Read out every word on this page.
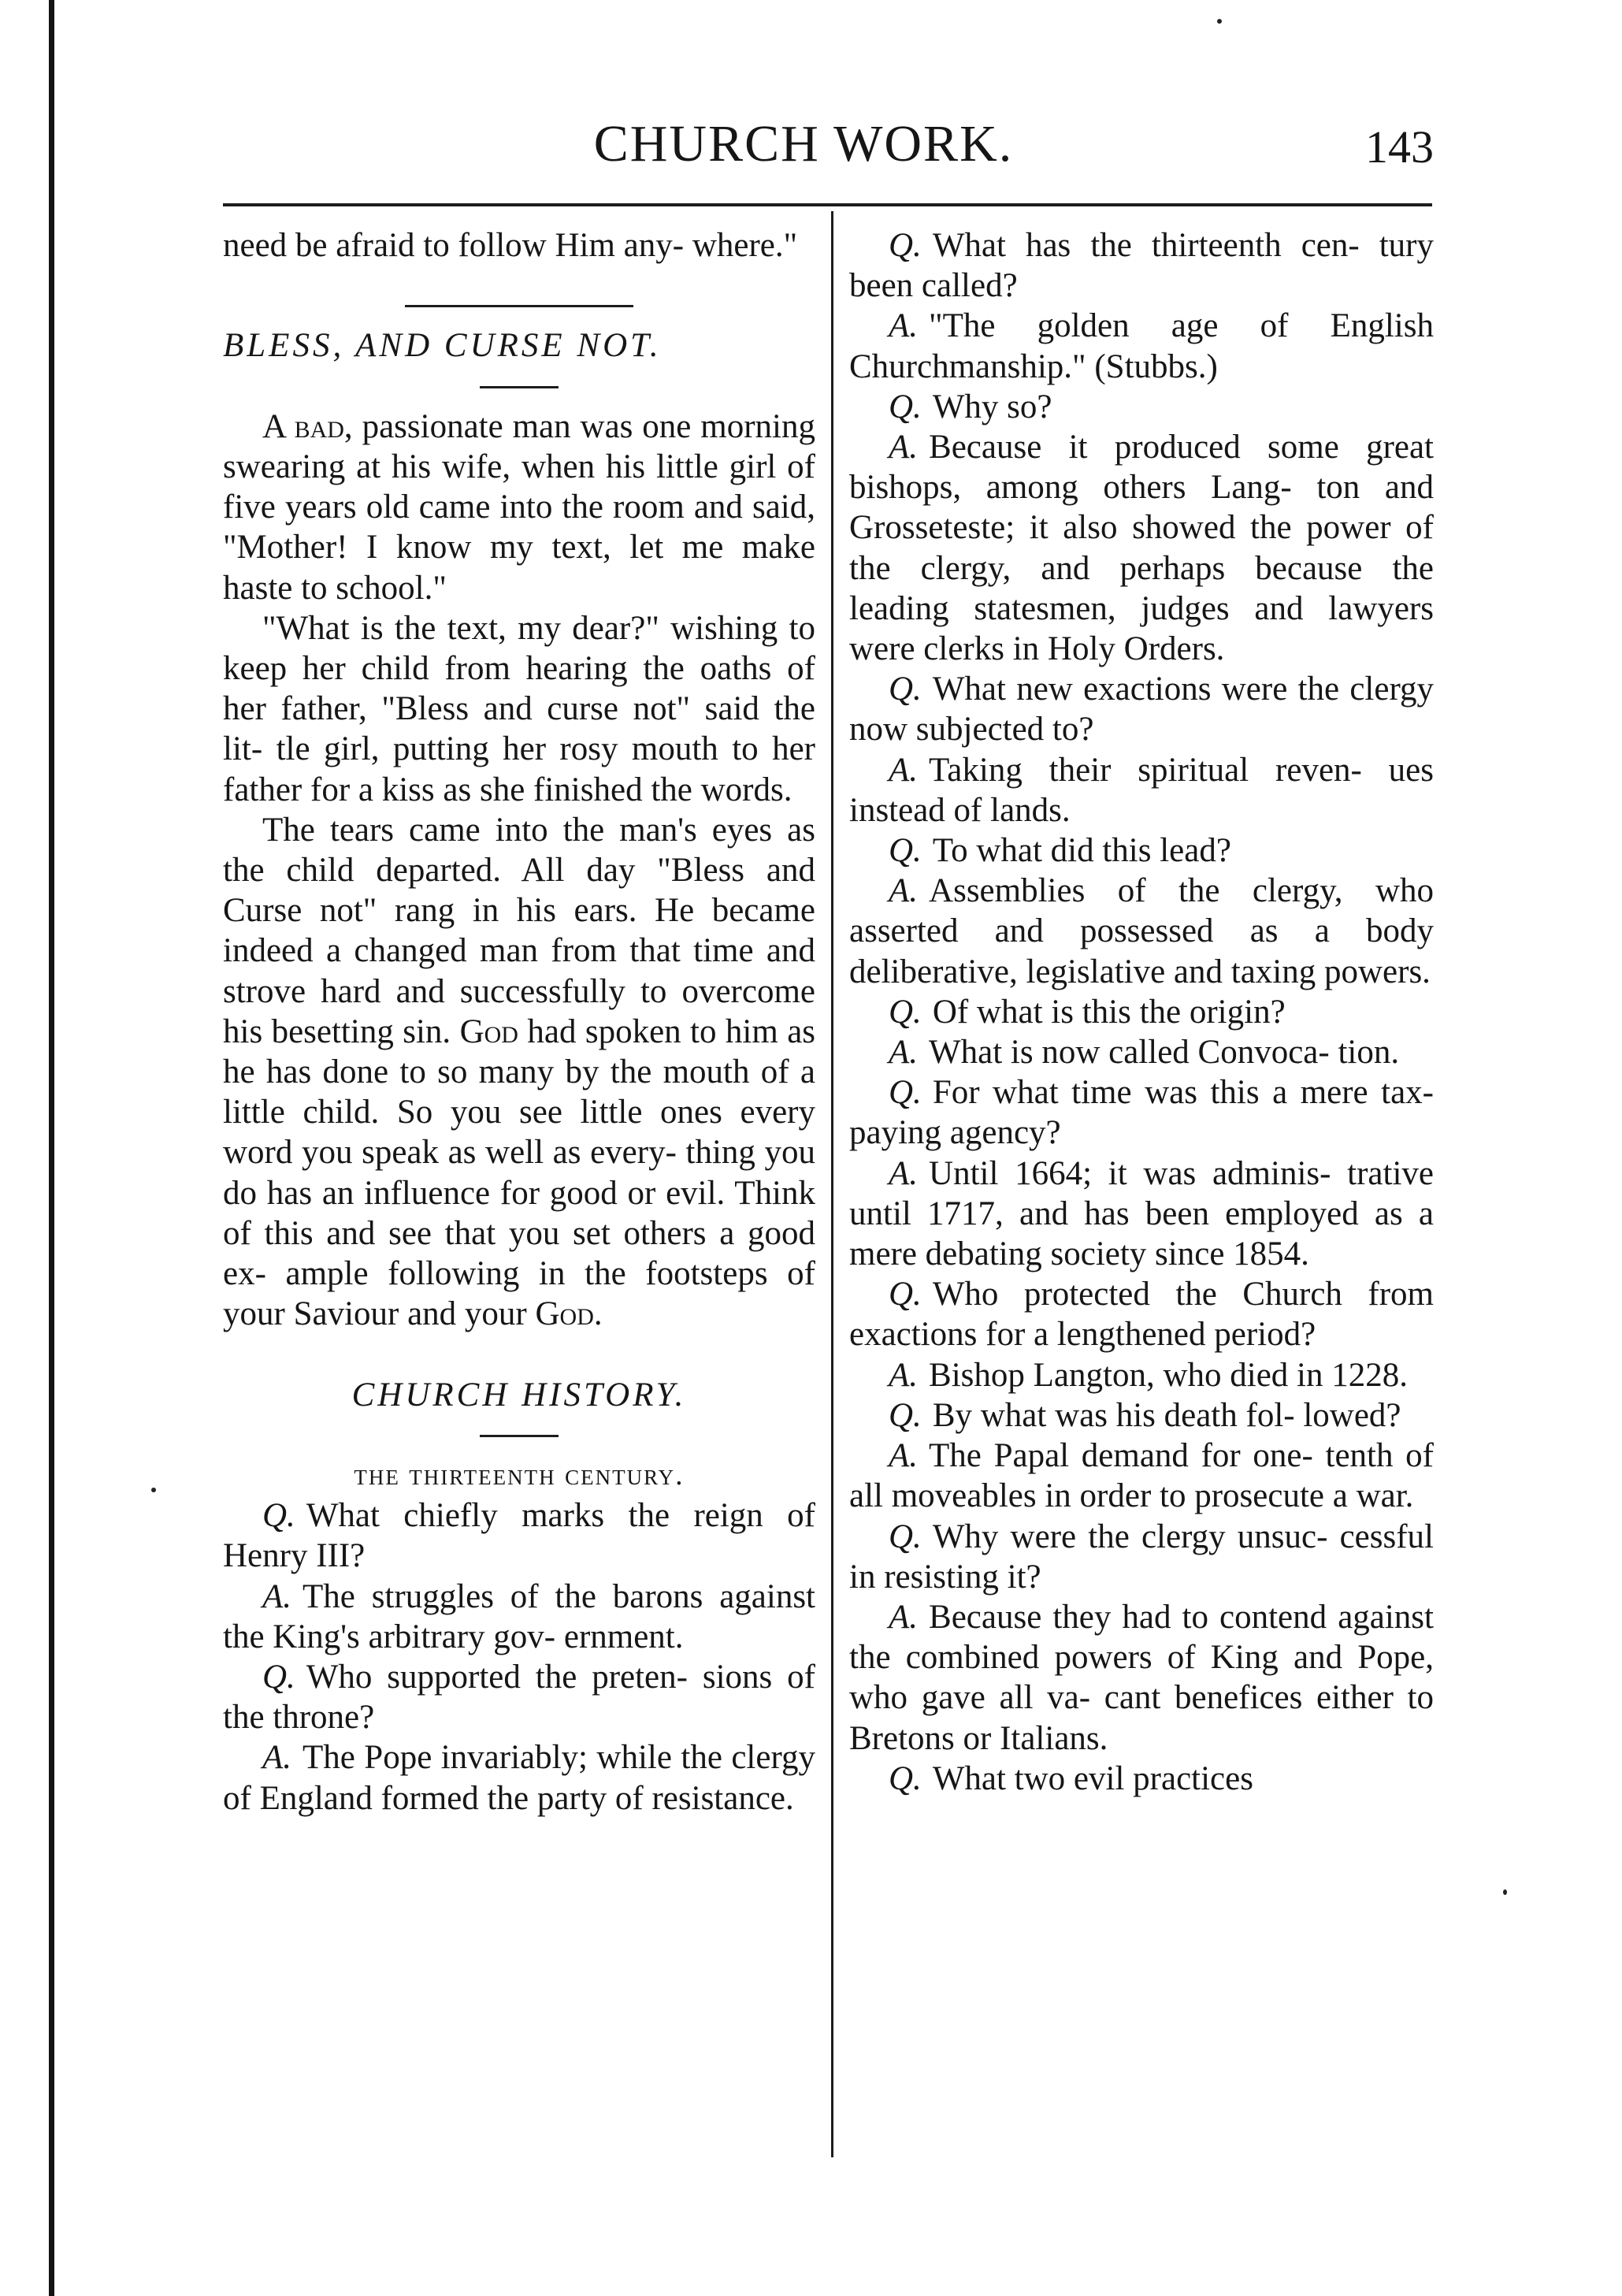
CHURCH WORK.	143

need be afraid to follow Him any- where."

BLESS, AND CURSE NOT.

A bad, passionate man was one morning swearing at his wife, when his little girl of five years old came into the room and said, "Mother! I know my text, let me make haste to school."

"What is the text, my dear?" wishing to keep her child from hearing the oaths of her father, "Bless and curse not" said the lit- tle girl, putting her rosy mouth to her father for a kiss as she finished the words.

The tears came into the man's eyes as the child departed. All day "Bless and Curse not" rang in his ears. He became indeed a changed man from that time and strove hard and successfully to overcome his besetting sin. God had spoken to him as he has done to so many by the mouth of a little child. So you see little ones every word you speak as well as every- thing you do has an influence for good or evil. Think of this and see that you set others a good ex- ample following in the footsteps of your Saviour and your God.

CHURCH HISTORY.

the thirteenth century.

Q. What chiefly marks the reign of Henry III?

A. The struggles of the barons against the King's arbitrary gov- ernment.

Q. Who supported the preten- sions of the throne?

A. The Pope invariably; while the clergy of England formed the party of resistance.

Q. What has the thirteenth cen- tury been called?

A. "The golden age of English Churchmanship." (Stubbs.)

Q. Why so?

A. Because it produced some great bishops, among others Lang- ton and Grosseteste; it also showed the power of the clergy, and perhaps because the leading statesmen, judges and lawyers were clerks in Holy Orders.

Q. What new exactions were the clergy now subjected to?

A. Taking their spiritual reven- ues instead of lands.

Q. To what did this lead?

A. Assemblies of the clergy, who asserted and possessed as a body deliberative, legislative and taxing powers.

Q. Of what is this the origin?

A. What is now called Convoca- tion.

Q. For what time was this a mere tax-paying agency?

A. Until 1664; it was adminis- trative until 1717, and has been employed as a mere debating society since 1854.

Q. Who protected the Church from exactions for a lengthened period?

A. Bishop Langton, who died in 1228.

Q. By what was his death fol- lowed?

A. The Papal demand for one- tenth of all moveables in order to prosecute a war.

Q. Why were the clergy unsuc- cessful in resisting it?

A. Because they had to contend against the combined powers of King and Pope, who gave all va- cant benefices either to Bretons or Italians.

Q. What two evil practices
